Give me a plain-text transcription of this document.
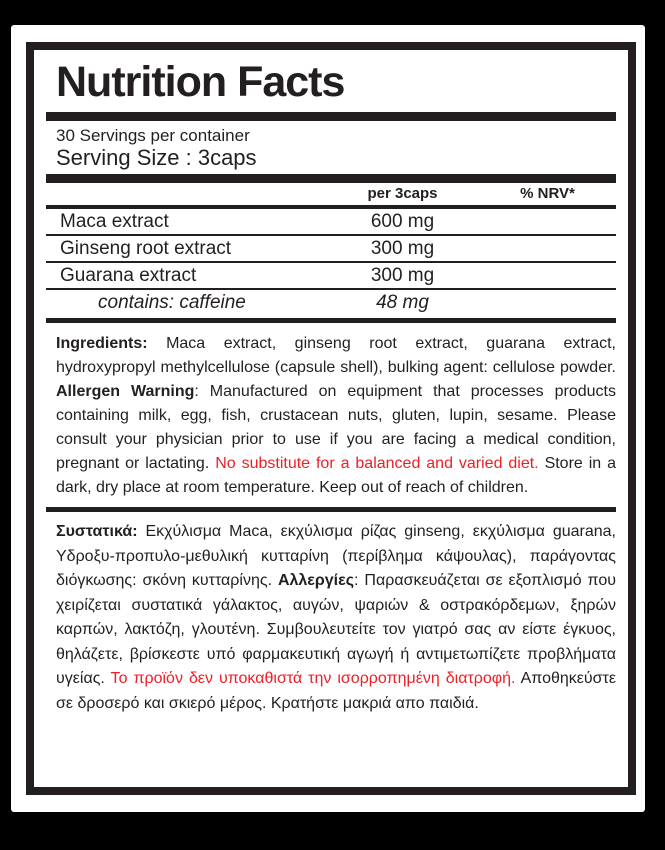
Nutrition Facts
30 Servings per container
Serving Size : 3caps
per 3caps	% NRV*
Maca extract	600 mg
Ginseng root extract	300 mg
Guarana extract	300 mg
contains: caffeine	48 mg

Ingredients: Maca extract, ginseng root extract, guarana extract, hydroxypropyl methylcellulose (capsule shell), bulking agent: cellulose powder. Allergen Warning: Manufactured on equipment that processes products containing milk, egg, fish, crustacean nuts, gluten, lupin, sesame. Please consult your physician prior to use if you are facing a medical condition, pregnant or lactating. No substitute for a balanced and varied diet. Store in a dark, dry place at room temperature. Keep out of reach of children.

Συστατικά: Εκχύλισμα Maca, εκχύλισμα ρίζας ginseng, εκχύλισμα guarana, Υδροξυ-προπυλο-μεθυλική κυτταρίνη (περίβλημα κάψουλας), παράγοντας διόγκωσης: σκόνη κυτταρίνης. Αλλεργίες: Παρασκευάζεται σε εξοπλισμό που χειρίζεται συστατικά γάλακτος, αυγών, ψαριών & οστρακόρδεμων, ξηρών καρπών, λακτόζη, γλουτένη. Συμβουλευτείτε τον γιατρό σας αν είστε έγκυος, θηλάζετε, βρίσκεστε υπό φαρμακευτική αγωγή ή αντιμετωπίζετε προβλήματα υγείας. Το προϊόν δεν υποκαθιστά την ισορροπημένη διατροφή. Αποθηκεύστε σε δροσερό και σκιερό μέρος. Κρατήστε μακριά απο παιδιά.
